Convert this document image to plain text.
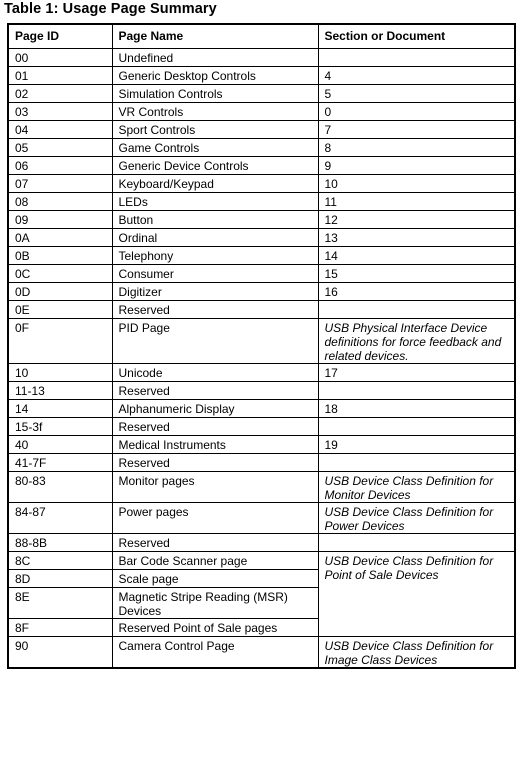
Table 1: Usage Page Summary
Page ID	Page Name	Section or Document
00	Undefined	
01	Generic Desktop Controls	4
02	Simulation Controls	5
03	VR Controls	0
04	Sport Controls	7
05	Game Controls	8
06	Generic Device Controls	9
07	Keyboard/Keypad	10
08	LEDs	11
09	Button	12
0A	Ordinal	13
0B	Telephony	14
0C	Consumer	15
0D	Digitizer	16
0E	Reserved	
0F	PID Page	USB Physical Interface Device definitions for force feedback and related devices.
10	Unicode	17
11-13	Reserved	
14	Alphanumeric Display	18
15-3f	Reserved	
40	Medical Instruments	19
41-7F	Reserved	
80-83	Monitor pages	USB Device Class Definition for Monitor Devices
84-87	Power pages	USB Device Class Definition for Power Devices
88-8B	Reserved	
8C	Bar Code Scanner page	USB Device Class Definition for Point of Sale Devices
8D	Scale page	
8E	Magnetic Stripe Reading (MSR) Devices	
8F	Reserved Point of Sale pages	
90	Camera Control Page	USB Device Class Definition for Image Class Devices
